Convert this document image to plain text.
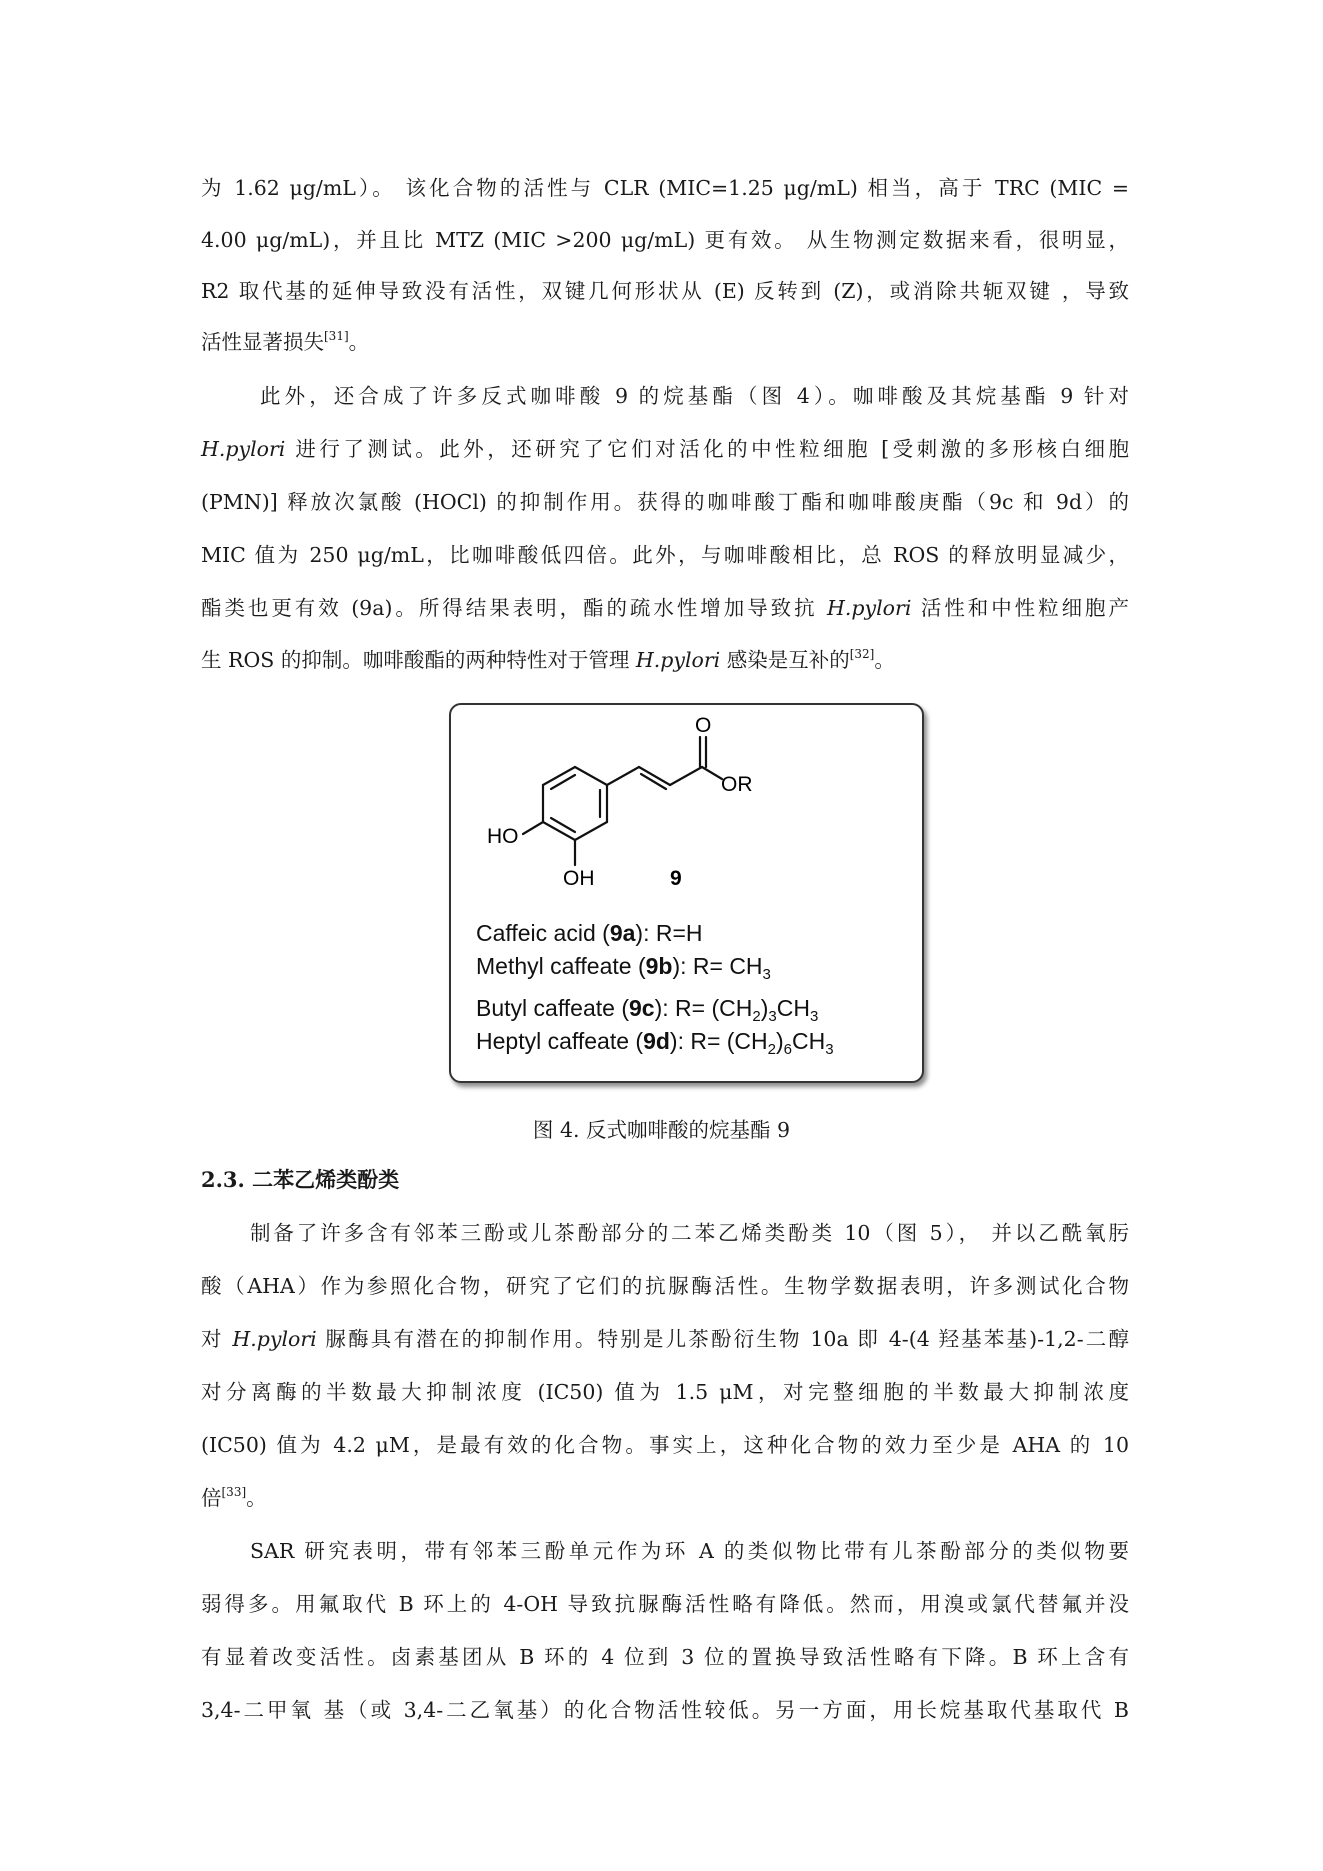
为 1.62 μg/mL）。 该化合物的活性与 CLR (MIC=1.25 μg/mL) 相当，高于 TRC (MIC =
4.00 μg/mL)，并且比 MTZ (MIC >200 μg/mL) 更有效。 从生物测定数据来看，很明显，
R2 取代基的延伸导致没有活性，双键几何形状从 (E) 反转到 (Z)，或消除共轭双键 ，导致
活性显著损失[31]。
此外，还合成了许多反式咖啡酸 9 的烷基酯（图 4）。咖啡酸及其烷基酯 9 针对
H.pylori 进行了测试。此外，还研究了它们对活化的中性粒细胞 [受刺激的多形核白细胞
(PMN)] 释放次氯酸 (HOCl) 的抑制作用。获得的咖啡酸丁酯和咖啡酸庚酯（9c 和 9d）的
MIC 值为 250 μg/mL，比咖啡酸低四倍。此外，与咖啡酸相比，总 ROS 的释放明显减少，
酯类也更有效 (9a)。所得结果表明，酯的疏水性增加导致抗 H.pylori 活性和中性粒细胞产
生 ROS 的抑制。咖啡酸酯的两种特性对于管理 H.pylori 感染是互补的[32]。
O
OR
HO
OH	9
Caffeic acid (9a): R=H
Methyl caffeate (9b): $R= CH_3$
Butyl caffeate (9c): $R= (CH_2)_3CH_3$
Heptyl caffeate (9d): $R= (CH_2)_6CH_3$
图 4. 反式咖啡酸的烷基酯 9
2.3. 二苯乙烯类酚类
制备了许多含有邻苯三酚或儿茶酚部分的二苯乙烯类酚类 10（图 5）， 并以乙酰氧肟
酸（AHA）作为参照化合物，研究了它们的抗脲酶活性。生物学数据表明，许多测试化合物
对 H.pylori 脲酶具有潜在的抑制作用。特别是儿茶酚衍生物 10a 即 4-(4 羟基苯基)-1,2-二醇
对分离酶的半数最大抑制浓度 (IC50) 值为 1.5 μM，对完整细胞的半数最大抑制浓度
(IC50) 值为 4.2 μM，是最有效的化合物。事实上，这种化合物的效力至少是 AHA 的 10
倍[33]。
SAR 研究表明，带有邻苯三酚单元作为环 A 的类似物比带有儿茶酚部分的类似物要
弱得多。用氟取代 B 环上的 4-OH 导致抗脲酶活性略有降低。然而，用溴或氯代替氟并没
有显着改变活性。卤素基团从 B 环的 4 位到 3 位的置换导致活性略有下降。B 环上含有
3,4-二甲氧 基（或 3,4-二乙氧基）的化合物活性较低。另一方面，用长烷基取代基取代 B
